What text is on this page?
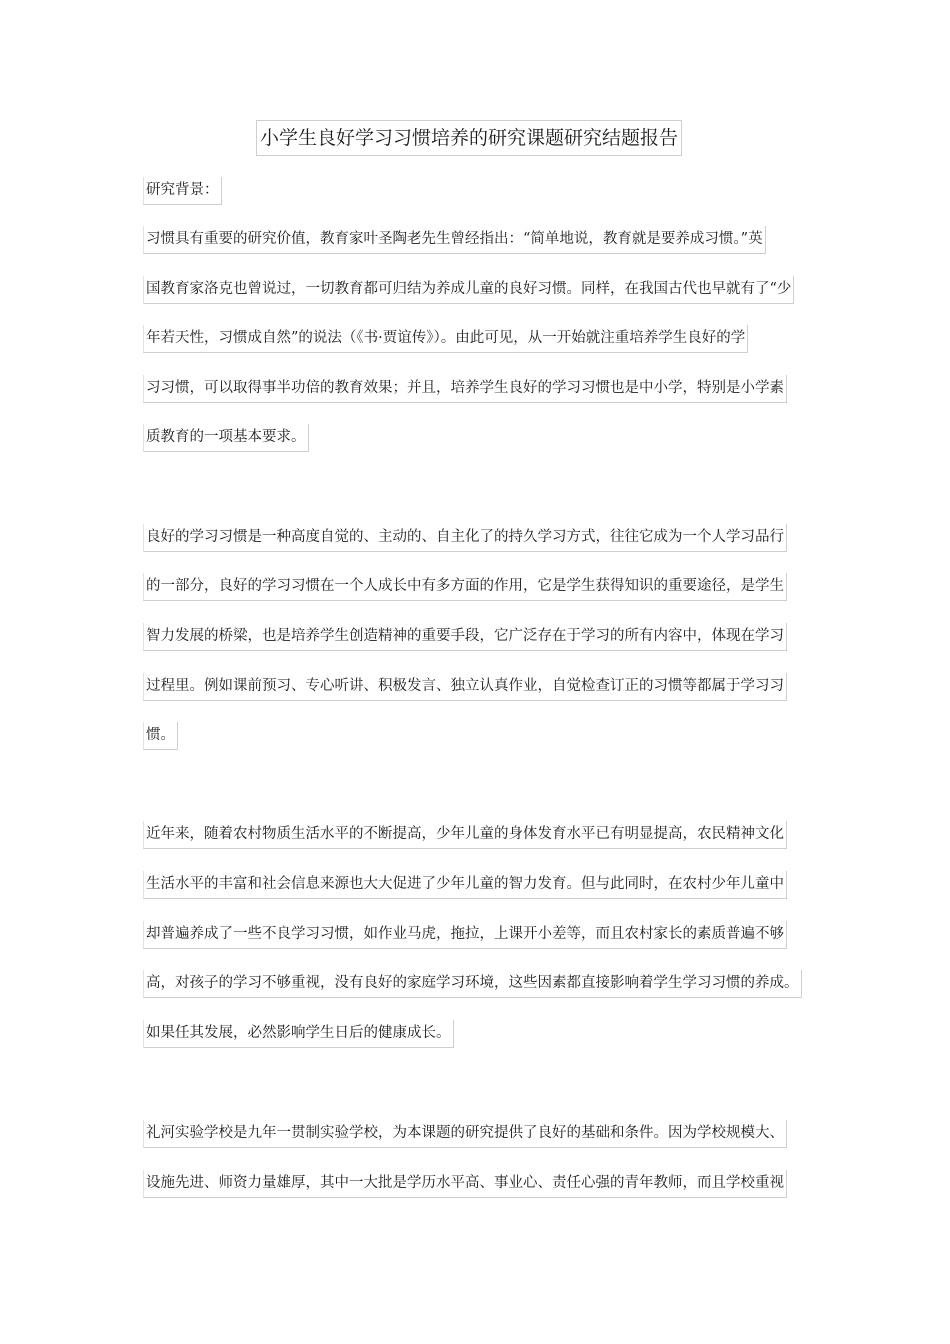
小学生良好学习习惯培养的研究课题研究结题报告
研究背景：
习惯具有重要的研究价值，教育家叶圣陶老先生曾经指出：“简单地说，教育就是要养成习惯。”英
国教育家洛克也曾说过，一切教育都可归结为养成儿童的良好习惯。同样，在我国古代也早就有了“少
年若天性，习惯成自然”的说法（《书·贾谊传》）。由此可见，从一开始就注重培养学生良好的学
习习惯，可以取得事半功倍的教育效果；并且，培养学生良好的学习习惯也是中小学，特别是小学素
质教育的一项基本要求。
良好的学习习惯是一种高度自觉的、主动的、自主化了的持久学习方式，往往它成为一个人学习品行
的一部分，良好的学习习惯在一个人成长中有多方面的作用，它是学生获得知识的重要途径，是学生
智力发展的桥梁，也是培养学生创造精神的重要手段，它广泛存在于学习的所有内容中，体现在学习
过程里。例如课前预习、专心听讲、积极发言、独立认真作业，自觉检查订正的习惯等都属于学习习
惯。
近年来，随着农村物质生活水平的不断提高，少年儿童的身体发育水平已有明显提高，农民精神文化
生活水平的丰富和社会信息来源也大大促进了少年儿童的智力发育。但与此同时，在农村少年儿童中
却普遍养成了一些不良学习习惯，如作业马虎，拖拉，上课开小差等，而且农村家长的素质普遍不够
高，对孩子的学习不够重视，没有良好的家庭学习环境，这些因素都直接影响着学生学习习惯的养成。
如果任其发展，必然影响学生日后的健康成长。
礼河实验学校是九年一贯制实验学校，为本课题的研究提供了良好的基础和条件。因为学校规模大、
设施先进、师资力量雄厚，其中一大批是学历水平高、事业心、责任心强的青年教师，而且学校重视
